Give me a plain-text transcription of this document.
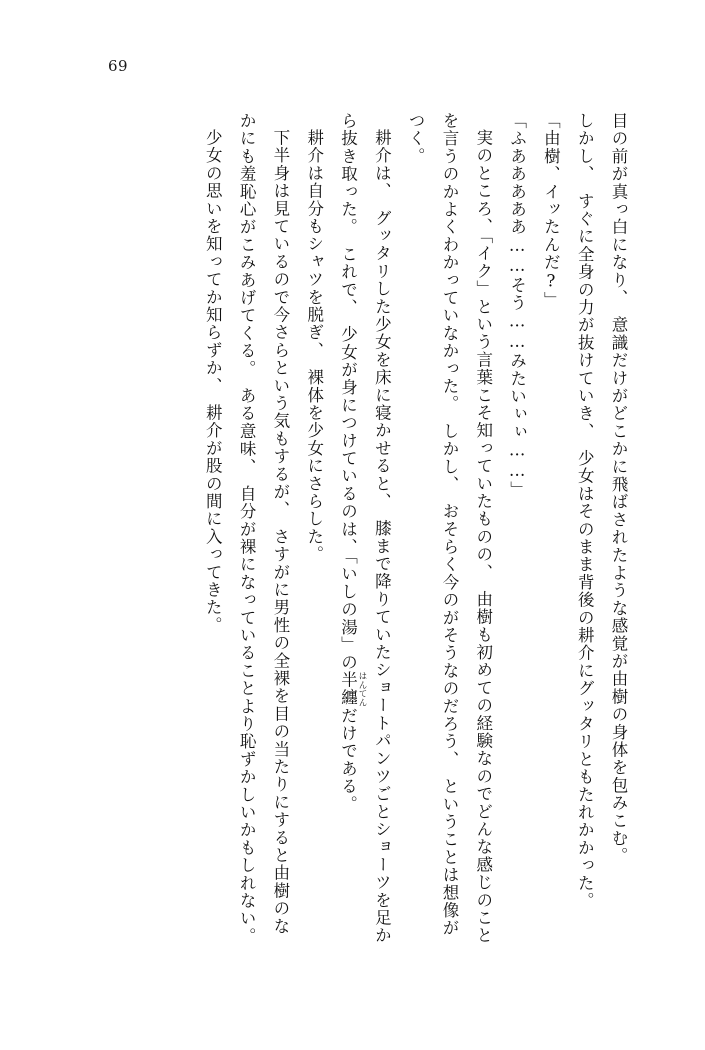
69

目の前が真っ白になり、　意識だけがどこかに飛ばされたような感覚が由樹の身体を包みこむ。

しかし、　すぐに全身の力が抜けていき、　少女はそのまま背後の耕介にグッタリともたれかかった。

「由樹、イッたんだ?」

「ふあああああ……そう……みたいぃぃ……」

実のところ、「イク」という言葉こそ知っていたものの、　由樹も初めての経験なのでどんな感じのことを言うのかよくわかっていなかった。　しかし、　おそらく今のがそうなのだろう、　ということは想像がつく。

耕介は、　グッタリした少女を床に寝かせると、　膝まで降りていたショートパンツごとショーツを足から抜き取った。　これで、　少女が身につけているのは、「いしの湯」の半纏 はんてんだけである。

耕介は自分もシャツを脱ぎ、　裸体を少女にさらした。

下半身は見ているので今さらという気もするが、　さすがに男性の全裸を目の当たりにすると由樹のなかにも羞恥心がこみあげてくる。　ある意味、　自分が裸になっていることより恥ずかしいかもしれない。

少女の思いを知ってか知らずか、　耕介が股の間に入ってきた。
